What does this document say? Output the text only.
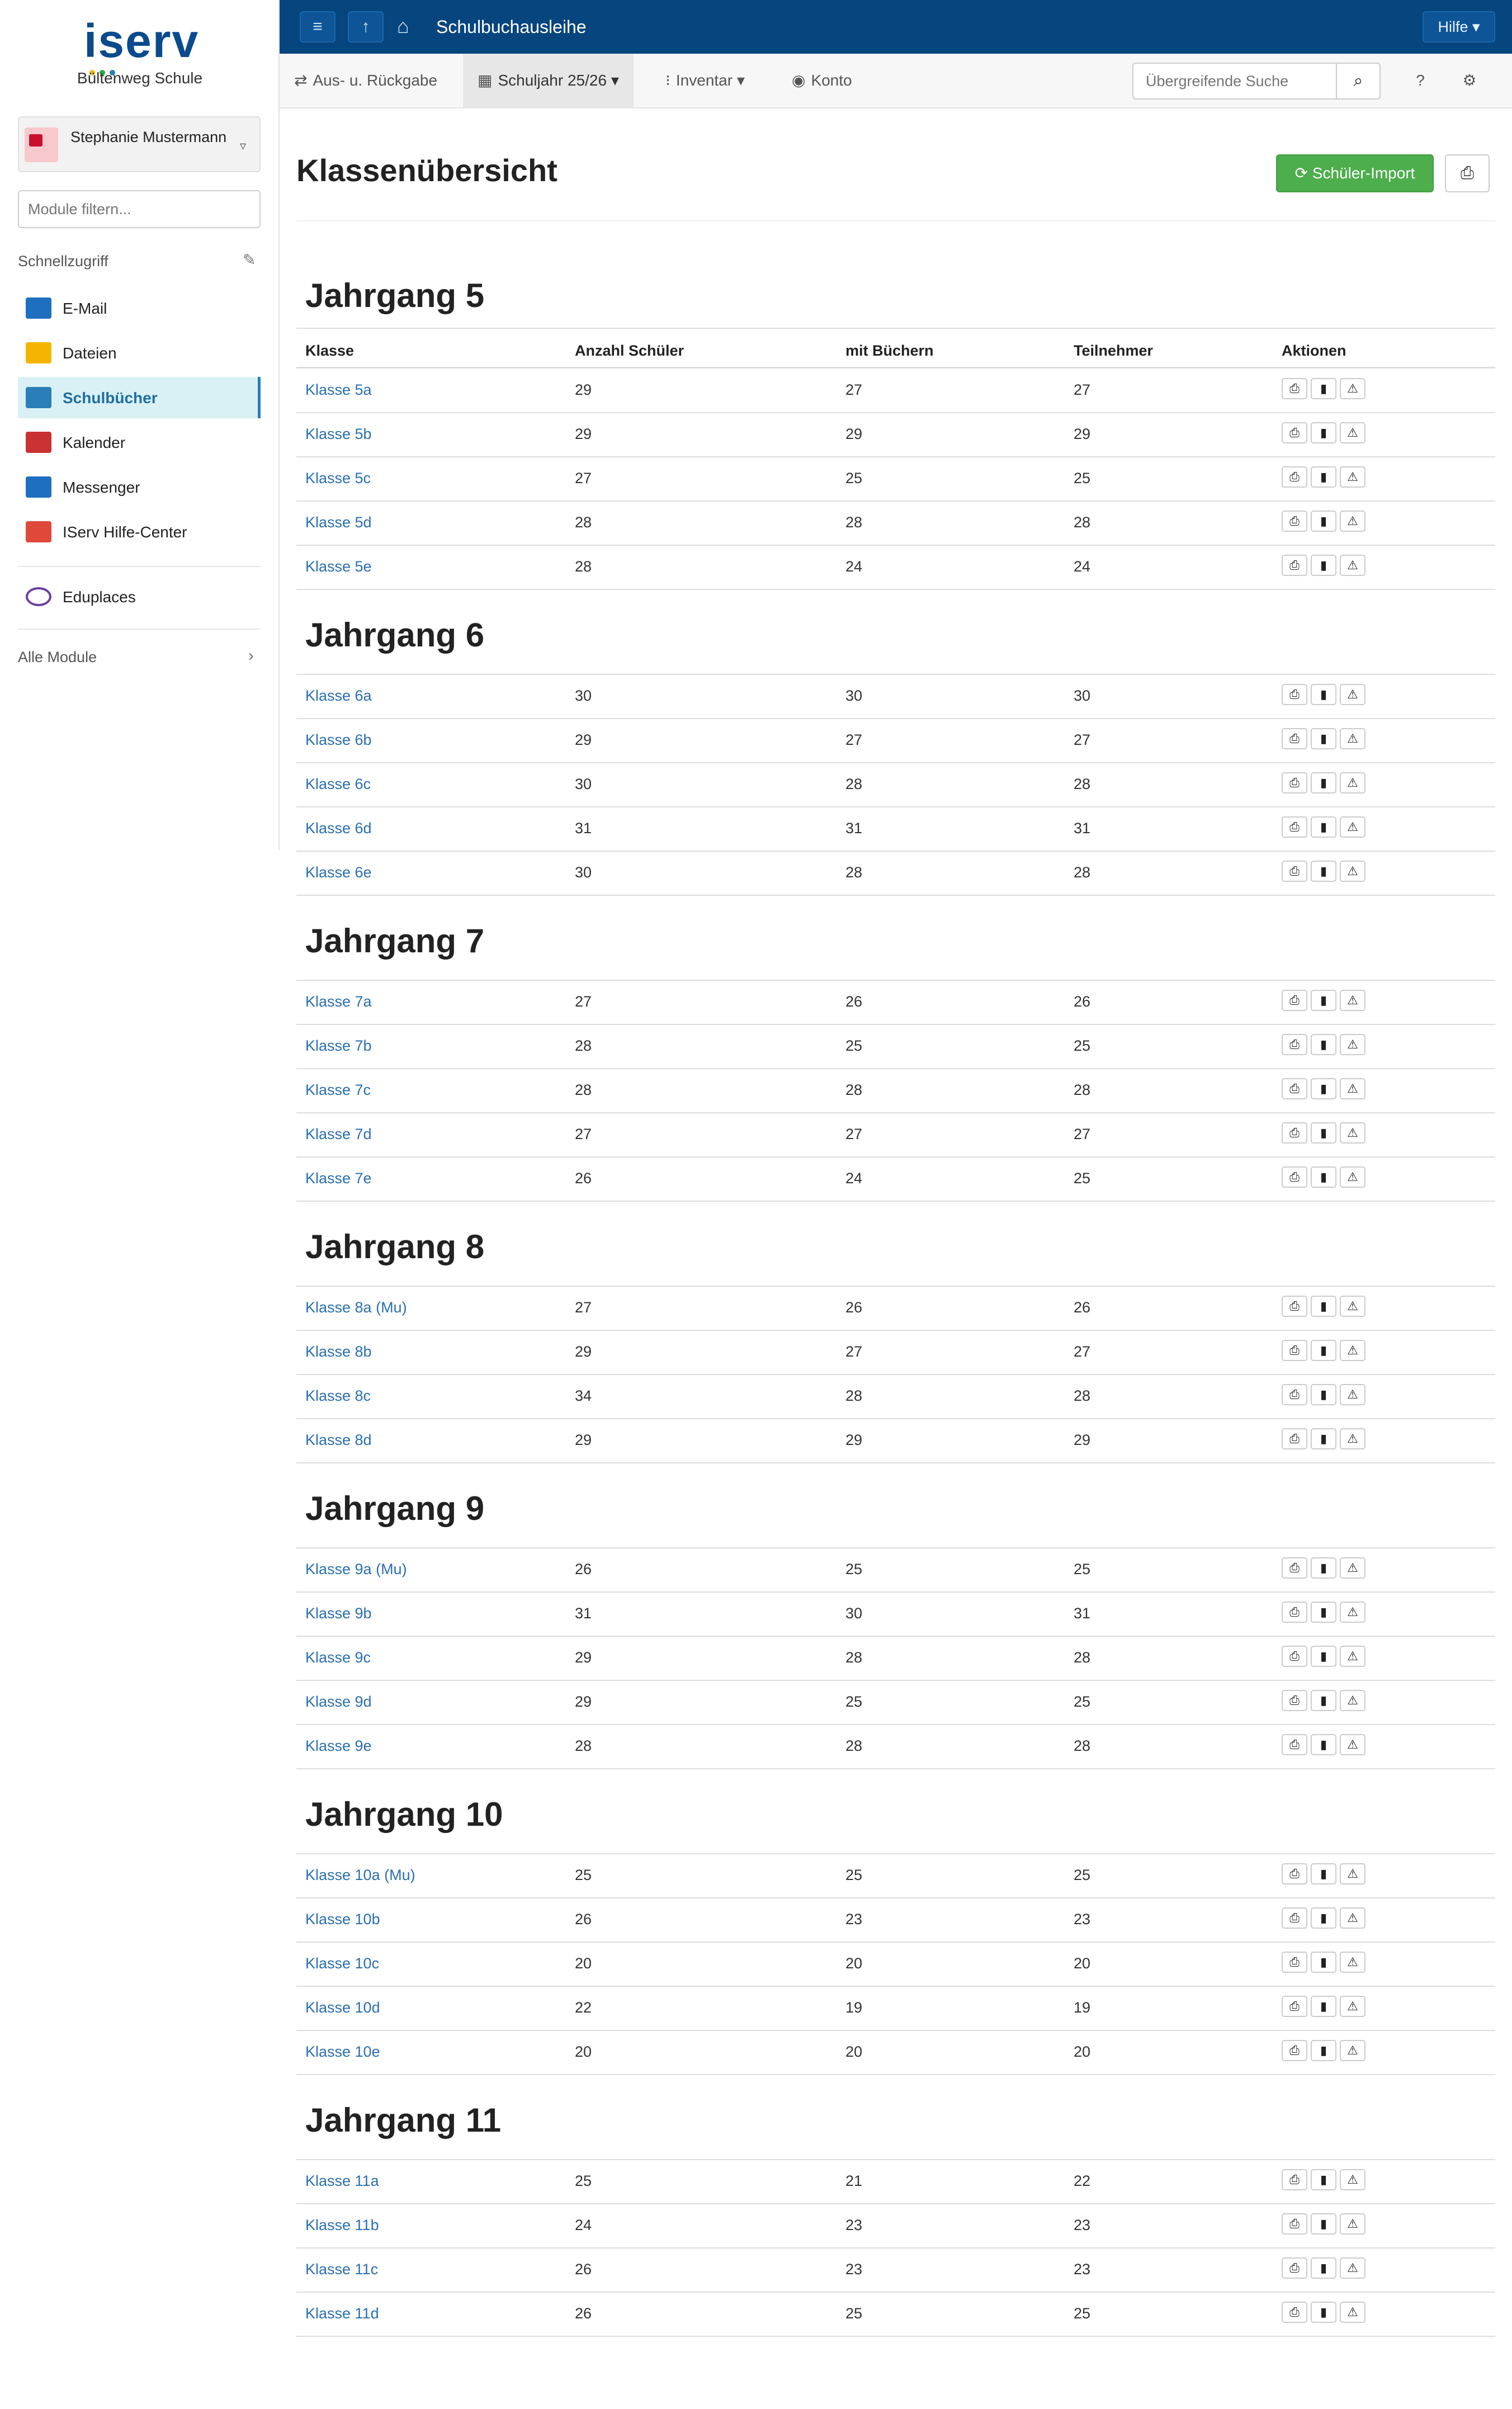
iserv
Bültenweg Schule
Stephanie Mustermann
▿
Module filtern...
Schnellzugriff	✎
E-Mail
Dateien
Schulbücher
Kalender
Messenger
IServ Hilfe-Center
Eduplaces
Alle Module	›
≡	↑	⌂ Schulbuchausleihe	Hilfe ▾
⇄ Aus- u. Rückgabe	▦ Schuljahr 25/26 ▾	⁝ Inventar ▾	◉ Konto
Übergreifende Suche	⌕	?	⚙
Klassenübersicht	⟳ Schüler-Import	⎙
Jahrgang 5
Klasse	Anzahl Schüler	mit Büchern	Teilnehmer	Aktionen
Klasse 5a	29	27	27	⎙ ▮ ⚠
Klasse 5b	29	29	29	⎙ ▮ ⚠
Klasse 5c	27	25	25	⎙ ▮ ⚠
Klasse 5d	28	28	28	⎙ ▮ ⚠
Klasse 5e	28	24	24	⎙ ▮ ⚠
Jahrgang 6
Klasse 6a	30	30	30	⎙ ▮ ⚠
Klasse 6b	29	27	27	⎙ ▮ ⚠
Klasse 6c	30	28	28	⎙ ▮ ⚠
Klasse 6d	31	31	31	⎙ ▮ ⚠
Klasse 6e	30	28	28	⎙ ▮ ⚠
Jahrgang 7
Klasse 7a	27	26	26	⎙ ▮ ⚠
Klasse 7b	28	25	25	⎙ ▮ ⚠
Klasse 7c	28	28	28	⎙ ▮ ⚠
Klasse 7d	27	27	27	⎙ ▮ ⚠
Klasse 7e	26	24	25	⎙ ▮ ⚠
Jahrgang 8
Klasse 8a (Mu)	27	26	26	⎙ ▮ ⚠
Klasse 8b	29	27	27	⎙ ▮ ⚠
Klasse 8c	34	28	28	⎙ ▮ ⚠
Klasse 8d	29	29	29	⎙ ▮ ⚠
Jahrgang 9
Klasse 9a (Mu)	26	25	25	⎙ ▮ ⚠
Klasse 9b	31	30	31	⎙ ▮ ⚠
Klasse 9c	29	28	28	⎙ ▮ ⚠
Klasse 9d	29	25	25	⎙ ▮ ⚠
Klasse 9e	28	28	28	⎙ ▮ ⚠
Jahrgang 10
Klasse 10a (Mu)	25	25	25	⎙ ▮ ⚠
Klasse 10b	26	23	23	⎙ ▮ ⚠
Klasse 10c	20	20	20	⎙ ▮ ⚠
Klasse 10d	22	19	19	⎙ ▮ ⚠
Klasse 10e	20	20	20	⎙ ▮ ⚠
Jahrgang 11
Klasse 11a	25	21	22	⎙ ▮ ⚠
Klasse 11b	24	23	23	⎙ ▮ ⚠
Klasse 11c	26	23	23	⎙ ▮ ⚠
Klasse 11d	26	25	25	⎙ ▮ ⚠
